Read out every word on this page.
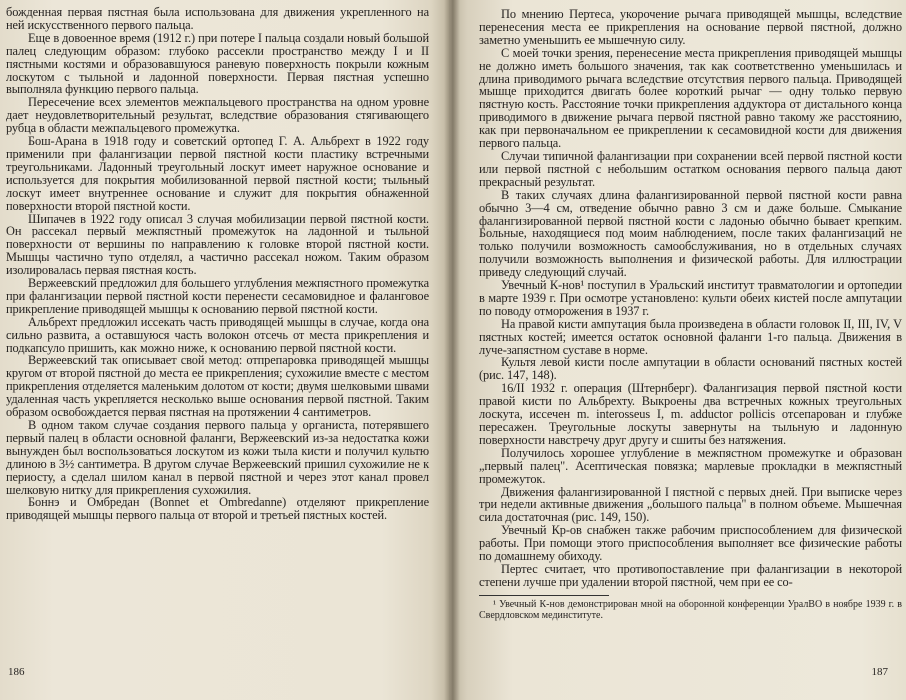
божденная первая пястная была использована для движения укрепленного на ней искусственного первого пальца.

Еще в довоенное время (1912 г.) при потере I пальца создали новый большой палец следующим образом: глубоко рассекли пространство между I и II пястными костями и образовавшуюся раневую поверхность покрыли кожным лоскутом с тыльной и ладонной поверхности. Первая пястная успешно выполняла функцию первого пальца.

Пересечение всех элементов межпальцевого пространства на одном уровне дает неудовлетворительный результат, вследствие образования стягивающего рубца в области межпальцевого промежутка.

Бош-Арана в 1918 году и советский ортопед Г. А. Альбрехт в 1922 году применили при фалангизации первой пястной кости пластику встречными треугольниками. Ладонный треугольный лоскут имеет наружное основание и используется для покрытия мобилизованной первой пястной кости; тыльный лоскут имеет внутреннее основание и служит для покрытия обнаженной поверхности второй пястной кости.

Шипачев в 1922 году описал 3 случая мобилизации первой пястной кости. Он рассекал первый межпястный промежуток на ладонной и тыльной поверхности от вершины по направлению к головке второй пястной кости. Мышцы частично тупо отделял, а частично рассекал ножом. Таким образом изолировалась первая пястная кость.

Вержеевский предложил для большего углубления межпястного промежутка при фалангизации первой пястной кости перенести сесамовидное и фаланговое прикрепление приводящей мышцы к основанию первой пястной кости.

Альбрехт предложил иссекать часть приводящей мышцы в случае, когда она сильно развита, а оставшуюся часть волокон отсечь от места прикрепления и подкапсуло пришить, как можно ниже, к основанию первой пястной кости.

Вержеевский так описывает свой метод: отпрепаровка приводящей мышцы кругом от второй пястной до места ее прикрепления; сухожилие вместе с местом прикрепления отделяется маленьким долотом от кости; двумя шелковыми швами удаленная часть укрепляется несколько выше основания первой пястной. Таким образом освобождается первая пястная на протяжении 4 сантиметров.

В одном таком случае создания первого пальца у органиста, потерявшего первый палец в области основной фаланги, Вержеевский из-за недостатка кожи вынужден был воспользоваться лоскутом из кожи тыла кисти и получил культю длиною в 3½ сантиметра. В другом случае Вержеевский пришил сухожилие не к периосту, а сделал шилом канал в первой пястной и через этот канал провел шелковую нитку для прикрепления сухожилия.

Боннэ и Омбредан (Bonnet et Ombredanne) отделяют прикрепление приводящей мышцы первого пальца от второй и третьей пястных костей.

186

По мнению Пертеса, укорочение рычага приводящей мышцы, вследствие перенесения места ее прикрепления на основание первой пястной, должно заметно уменьшить ее мышечную силу.

С моей точки зрения, перенесение места прикрепления приводящей мышцы не должно иметь большого значения, так как соответственно уменьшилась и длина приводимого рычага вследствие отсутствия первого пальца. Приводящей мышце приходится двигать более короткий рычаг — одну только первую пястную кость. Расстояние точки прикрепления аддуктора от дистального конца приводимого в движение рычага первой пястной равно такому же расстоянию, как при первоначальном ее прикреплении к сесамовидной кости для движения первого пальца.

Случаи типичной фалангизации при сохранении всей первой пястной кости или первой пястной с небольшим остатком основания первого пальца дают прекрасный результат.

В таких случаях длина фалангизированной первой пястной кости равна обычно 3—4 см, отведение обычно равно 3 см и даже больше. Смыкание фалангизированной первой пястной кости с ладонью обычно бывает крепким. Больные, находящиеся под моим наблюдением, после таких фалангизаций не только получили возможность самообслуживания, но в отдельных случаях получили возможность выполнения и физической работы. Для иллюстрации приведу следующий случай.

Увечный К-нов¹ поступил в Уральский институт травматологии и ортопедии в марте 1939 г. При осмотре установлено: культи обеих кистей после ампутации по поводу отморожения в 1937 г.

На правой кисти ампутация была произведена в области головок II, III, IV, V пястных костей; имеется остаток основной фаланги 1-го пальца. Движения в луче-запястном суставе в норме.

Культя левой кисти после ампутации в области оснований пястных костей (рис. 147, 148).

16/II 1932 г. операция (Штернберг). Фалангизация первой пястной кости правой кисти по Альбрехту. Выкроены два встречных кожных треугольных лоскута, иссечен m. interosseus I, m. adductor pollicis отсепарован и глубже пересажен. Треугольные лоскуты завернуты на тыльную и ладонную поверхности навстречу друг другу и сшиты без натяжения.

Получилось хорошее углубление в межпястном промежутке и образован „первый палец". Асептическая повязка; марлевые прокладки в межпястный промежуток.

Движения фалангизированной I пястной с первых дней. При выписке через три недели активные движения „большого пальца" в полном объеме. Мышечная сила достаточная (рис. 149, 150).

Увечный Кр-ов снабжен также рабочим приспособлением для физической работы. При помощи этого приспособления выполняет все физические работы по домашнему обиходу.

Пертес считает, что противопоставление при фалангизации в некоторой степени лучше при удалении второй пястной, чем при ее со-

¹ Увечный К-нов демонстрирован мной на оборонной конференции УралВО в ноябре 1939 г. в Свердловском мединституте.
187
